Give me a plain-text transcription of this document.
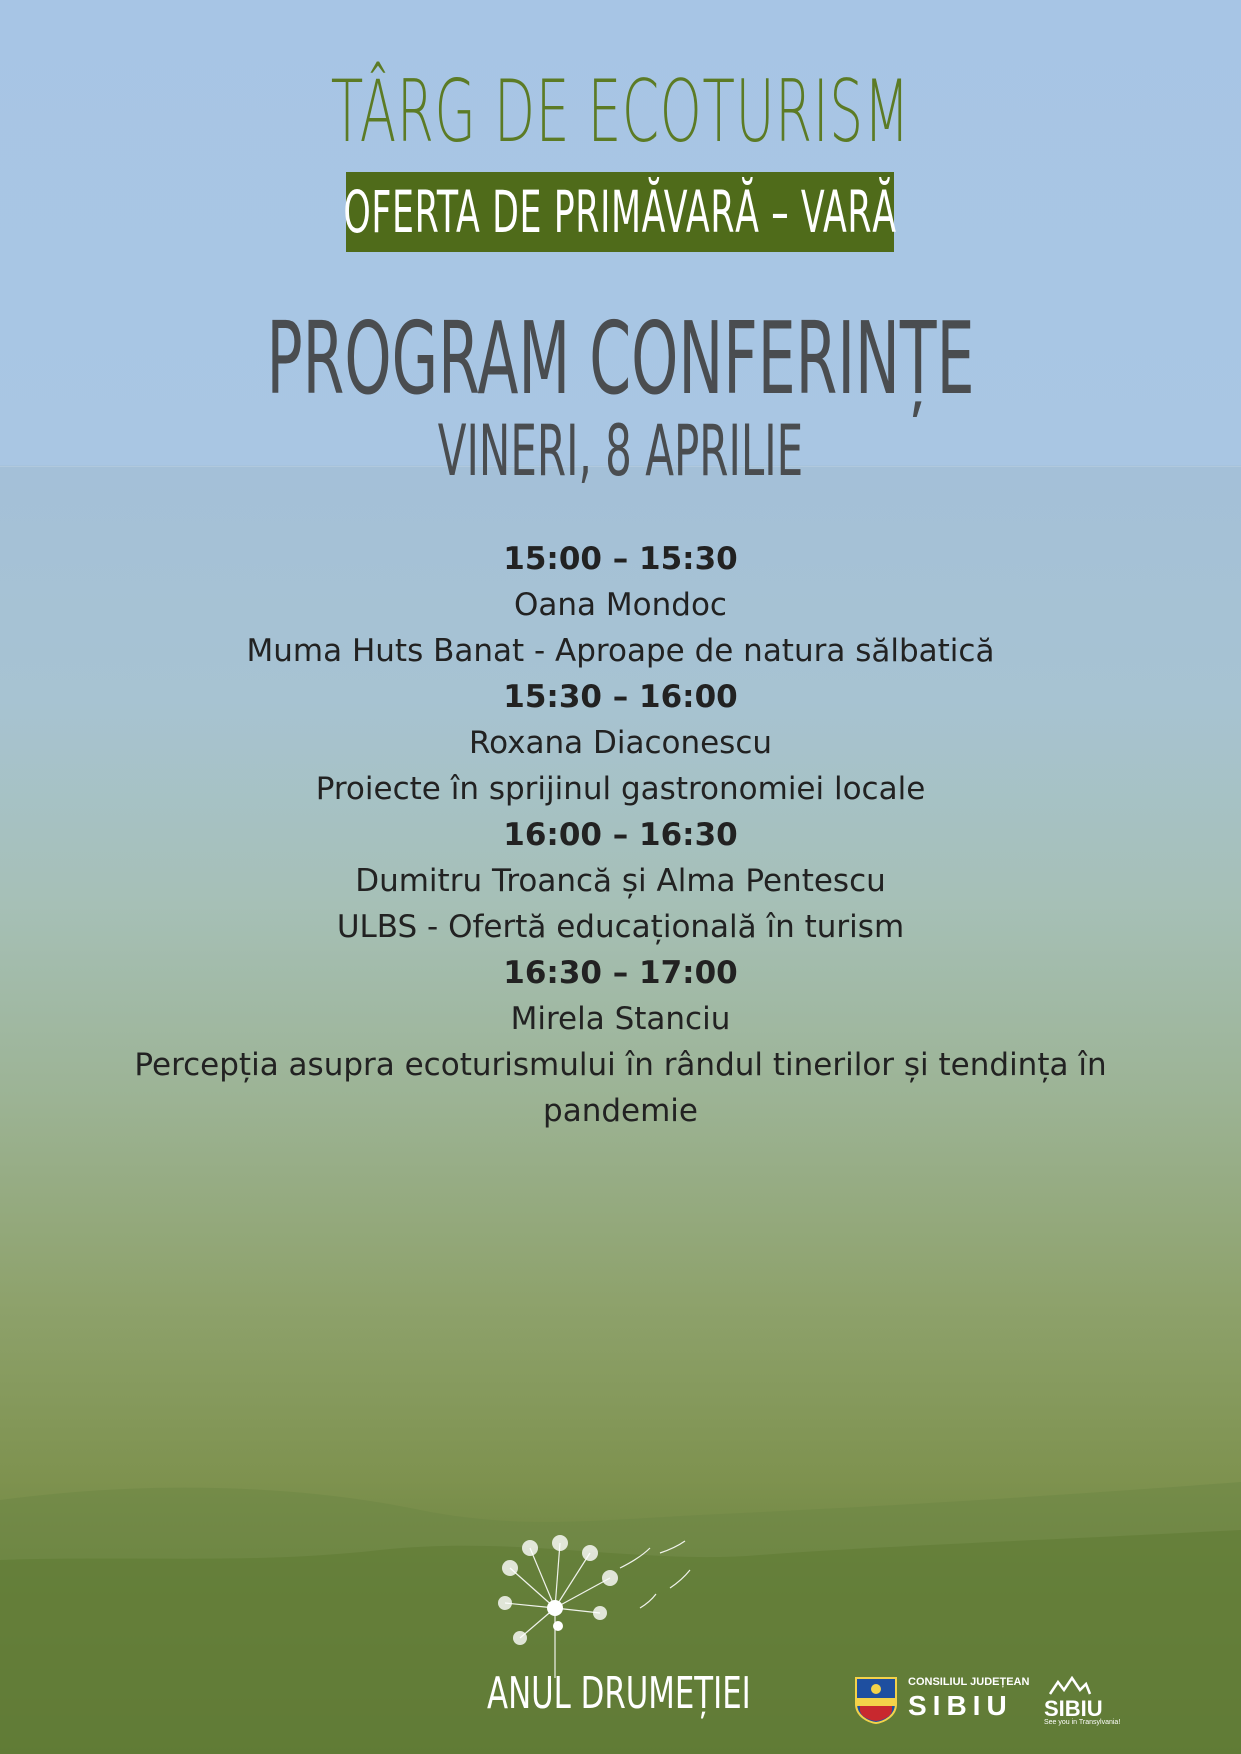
TÂRG DE ECOTURISM
OFERTA DE PRIMĂVARĂ – VARĂ
PROGRAM CONFERINȚE
VINERI, 8 APRILIE
15:00 – 15:30
Oana Mondoc
Muma Huts Banat - Aproape de natura sălbatică
15:30 – 16:00
Roxana Diaconescu
Proiecte în sprijinul gastronomiei locale
16:00 – 16:30
Dumitru Troancă și Alma Pentescu
ULBS - Ofertă educațională în turism
16:30 – 17:00
Mirela Stanciu
Percepția asupra ecoturismului în rândul tinerilor și tendința în pandemie
ANUL DRUMEȚIEI	CONSILIUL JUDEȚEAN
SIBIU SIBIU
See you in Transylvania!
